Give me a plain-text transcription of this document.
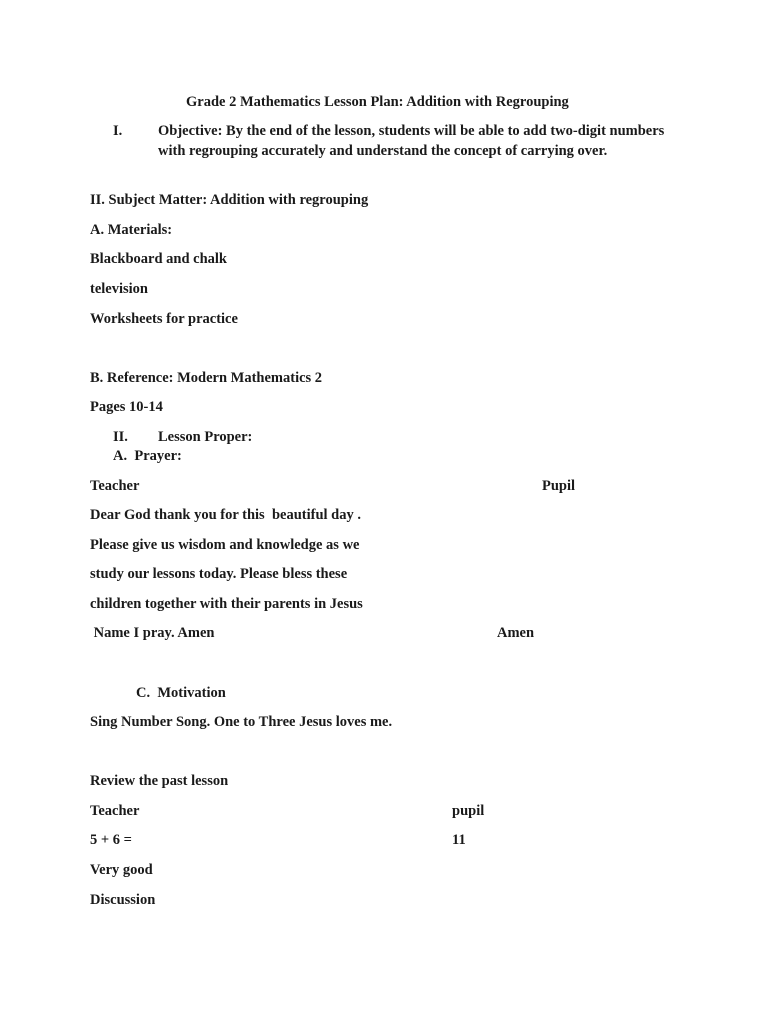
Grade 2 Mathematics Lesson Plan: Addition with Regrouping
I. Objective: By the end of the lesson, students will be able to add two-digit numbers with regrouping accurately and understand the concept of carrying over.
II. Subject Matter: Addition with regrouping
A. Materials:
Blackboard and chalk
television
Worksheets for practice
B. Reference: Modern Mathematics 2
Pages 10-14
II. Lesson Proper:
A.  Prayer:
Teacher	Pupil
Dear God thank you for this  beautiful day .
Please give us wisdom and knowledge as we
study our lessons today. Please bless these
children together with their parents in Jesus
Name I pray. Amen	Amen
C.  Motivation
Sing Number Song. One to Three Jesus loves me.
Review the past lesson
Teacher	pupil
5 + 6 =	11
Very good
Discussion
